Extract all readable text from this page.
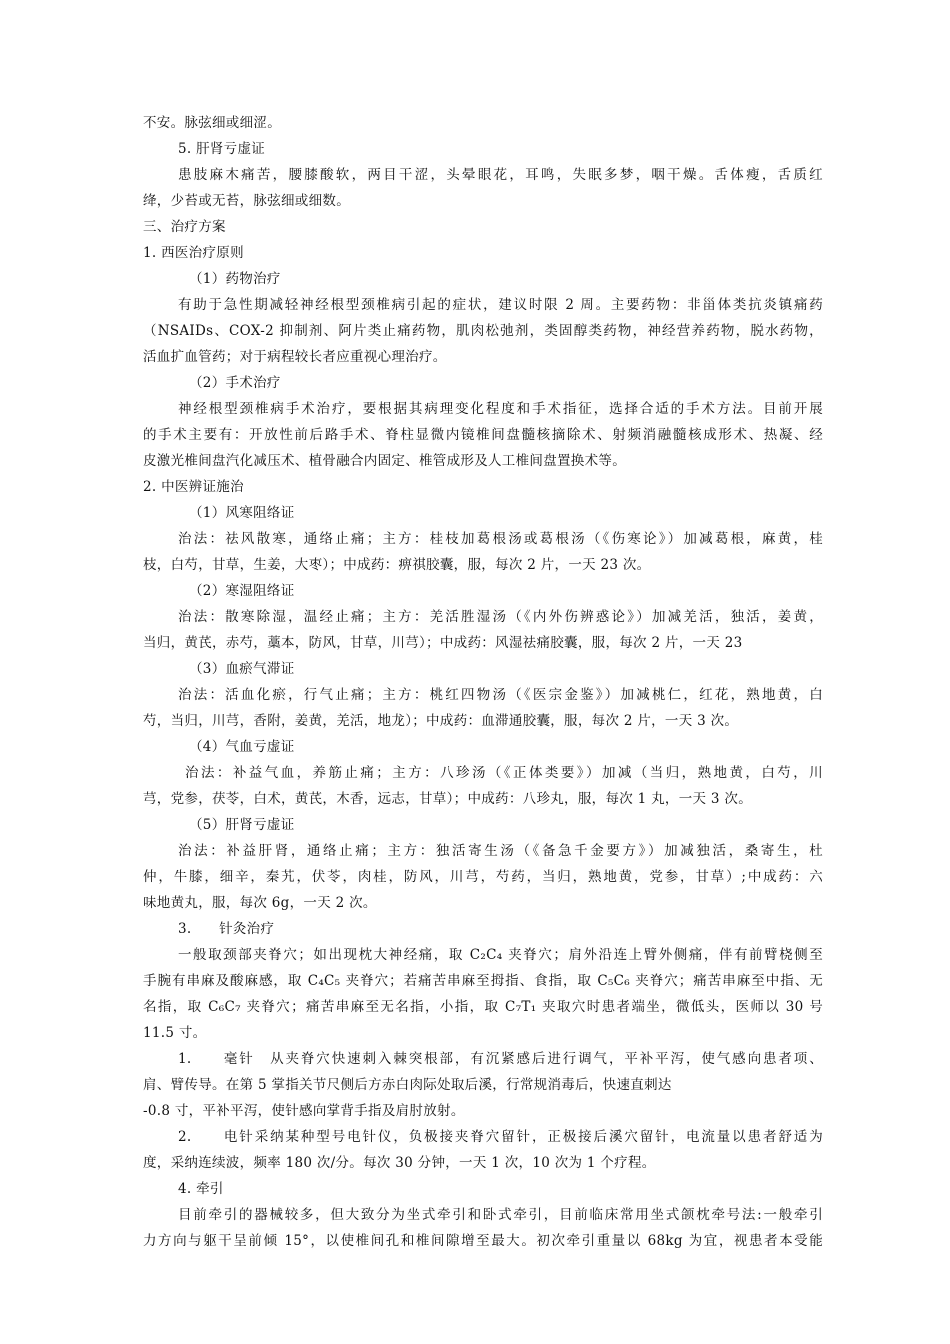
不安。脉弦细或细涩。
5. 肝肾亏虚证
患肢麻木痛苦，腰膝酸软，两目干涩，头晕眼花，耳鸣，失眠多梦，咽干燥。舌体瘦，舌质红
绛，少苔或无苔，脉弦细或细数。
三、治疗方案
1. 西医治疗原则
（1）药物治疗
有助于急性期减轻神经根型颈椎病引起的症状，建议时限 2 周。主要药物：非甾体类抗炎镇痛药
（NSAIDs、COX-2 抑制剂、阿片类止痛药物，肌肉松弛剂，类固醇类药物，神经营养药物，脱水药物，
活血扩血管药；对于病程较长者应重视心理治疗。
（2）手术治疗
神经根型颈椎病手术治疗，要根据其病理变化程度和手术指征，选择合适的手术方法。目前开展
的手术主要有：开放性前后路手术、脊柱显微内镜椎间盘髓核摘除术、射频消融髓核成形术、热凝、经
皮激光椎间盘汽化减压术、植骨融合内固定、椎管成形及人工椎间盘置换术等。
2. 中医辨证施治
（1）风寒阻络证
治法：祛风散寒，通络止痛；主方：桂枝加葛根汤或葛根汤（《伤寒论》）加减葛根，麻黄，桂
枝，白芍，甘草，生姜，大枣）；中成药：痹祺胶囊，服，每次 2 片，一天 23 次。
（2）寒湿阻络证
治法：散寒除湿，温经止痛；主方：羌活胜湿汤（《内外伤辨惑论》）加减羌活，独活，姜黄，
当归，黄芪，赤芍，藁本，防风，甘草，川芎）；中成药：风湿祛痛胶囊，服，每次 2 片，一天 23
（3）血瘀气滞证
治法：活血化瘀，行气止痛；主方：桃红四物汤（《医宗金鉴》）加减桃仁，红花，熟地黄，白
芍，当归，川芎，香附，姜黄，羌活，地龙）；中成药：血滞通胶囊，服，每次 2 片，一天 3 次。
（4）气血亏虚证
治法：补益气血，养筋止痛；主方：八珍汤（《正体类要》）加减（当归，熟地黄，白芍，川
芎，党参，茯苓，白术，黄芪，木香，远志，甘草）；中成药：八珍丸，服，每次 1 丸，一天 3 次。
（5）肝肾亏虚证
治法：补益肝肾，通络止痛；主方：独活寄生汤（《备急千金要方》）加减独活，桑寄生，杜
仲，牛膝，细辛，秦艽，伏苓，肉桂，防风，川芎，芍药，当归，熟地黄，党参，甘草）;中成药：六
味地黄丸，服，每次 6g，一天 2 次。
3.　　针灸治疗
一般取颈部夹脊穴；如出现枕大神经痛，取 C₂C₄ 夹脊穴；肩外沿连上臂外侧痛，伴有前臂桡侧至
手腕有串麻及酸麻感，取 C₄C₅ 夹脊穴；若痛苦串麻至拇指、食指，取 C₅C₆ 夹脊穴；痛苦串麻至中指、无
名指，取 C₆C₇ 夹脊穴；痛苦串麻至无名指，小指，取 C₇T₁ 夹取穴时患者端坐，微低头，医师以 30 号
11.5 寸。
1.　　毫针　从夹脊穴快速刺入棘突根部，有沉紧感后进行调气，平补平泻，使气感向患者项、
肩、臂传导。在第 5 掌指关节尺侧后方赤白肉际处取后溪，行常规消毒后，快速直刺达
-0.8 寸，平补平泻，使针感向掌背手指及肩肘放射。
2.　　电针采纳某种型号电针仪，负极接夹脊穴留针，正极接后溪穴留针，电流量以患者舒适为
度，采纳连续波，频率 180 次/分。每次 30 分钟，一天 1 次，10 次为 1 个疗程。
4. 牵引
目前牵引的器械较多，但大致分为坐式牵引和卧式牵引，目前临床常用坐式颌枕牵号法:一般牵引
力方向与躯干呈前倾 15°，以使椎间孔和椎间隙增至最大。初次牵引重量以 68kg 为宜，视患者本受能
